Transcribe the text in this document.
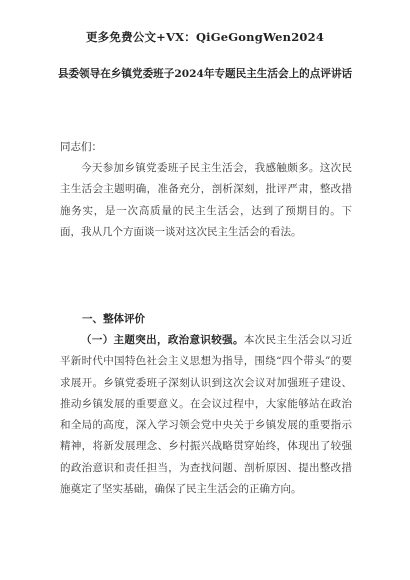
更多免费公文+VX：QiGeGongWen2024
县委领导在乡镇党委班子2024年专题民主生活会上的点评讲话
同志们：
今天参加乡镇党委班子民主生活会，我感触颇多。这次民主生活会主题明确，准备充分，剖析深刻，批评严肃，整改措施务实，是一次高质量的民主生活会，达到了预期目的。下面，我从几个方面谈一谈对这次民主生活会的看法。
一、整体评价
（一）主题突出，政治意识较强。本次民主生活会以习近平新时代中国特色社会主义思想为指导，围绕“四个带头”的要求展开。乡镇党委班子深刻认识到这次会议对加强班子建设、推动乡镇发展的重要意义。在会议过程中，大家能够站在政治和全局的高度，深入学习领会党中央关于乡镇发展的重要指示精神，将新发展理念、乡村振兴战略贯穿始终，体现出了较强的政治意识和责任担当，为查找问题、剖析原因、提出整改措施奠定了坚实基础，确保了民主生活会的正确方向。
